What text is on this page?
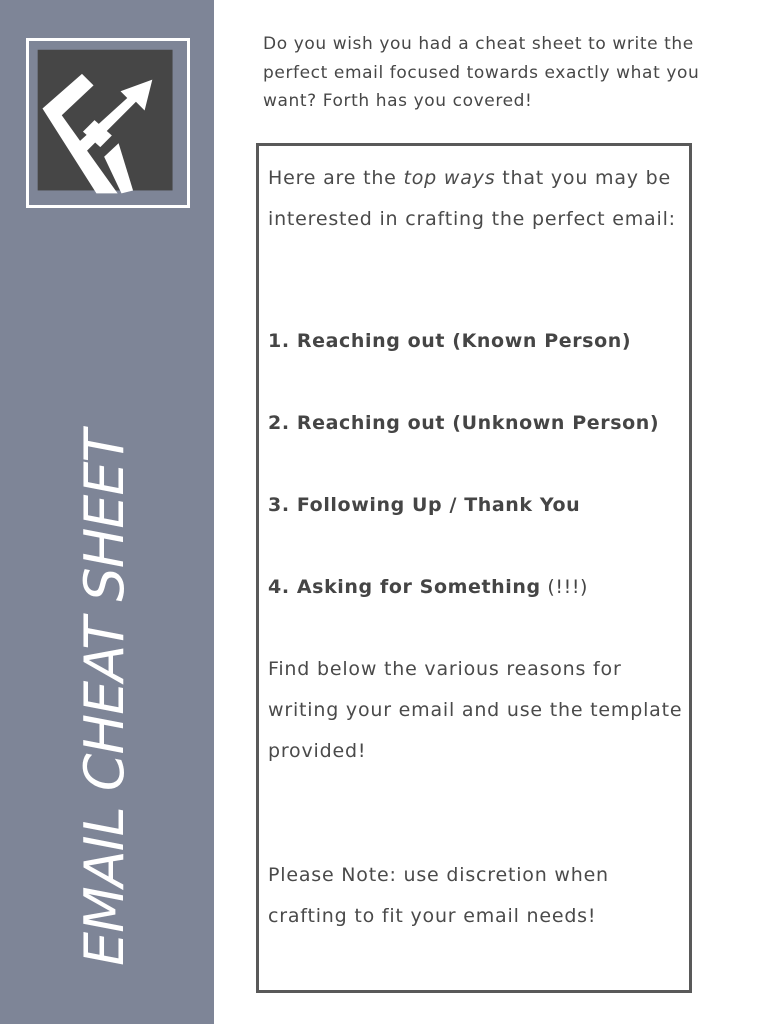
EMAIL CHEAT SHEET

Do you wish you had a cheat sheet to write the perfect email focused towards exactly what you want? Forth has you covered!

Here are the top ways that you may be interested in crafting the perfect email:

1. Reaching out (Known Person)

2. Reaching out (Unknown Person)

3. Following Up / Thank You

4. Asking for Something (!!!)

Find below the various reasons for writing your email and use the template provided!

Please Note: use discretion when crafting to fit your email needs!
